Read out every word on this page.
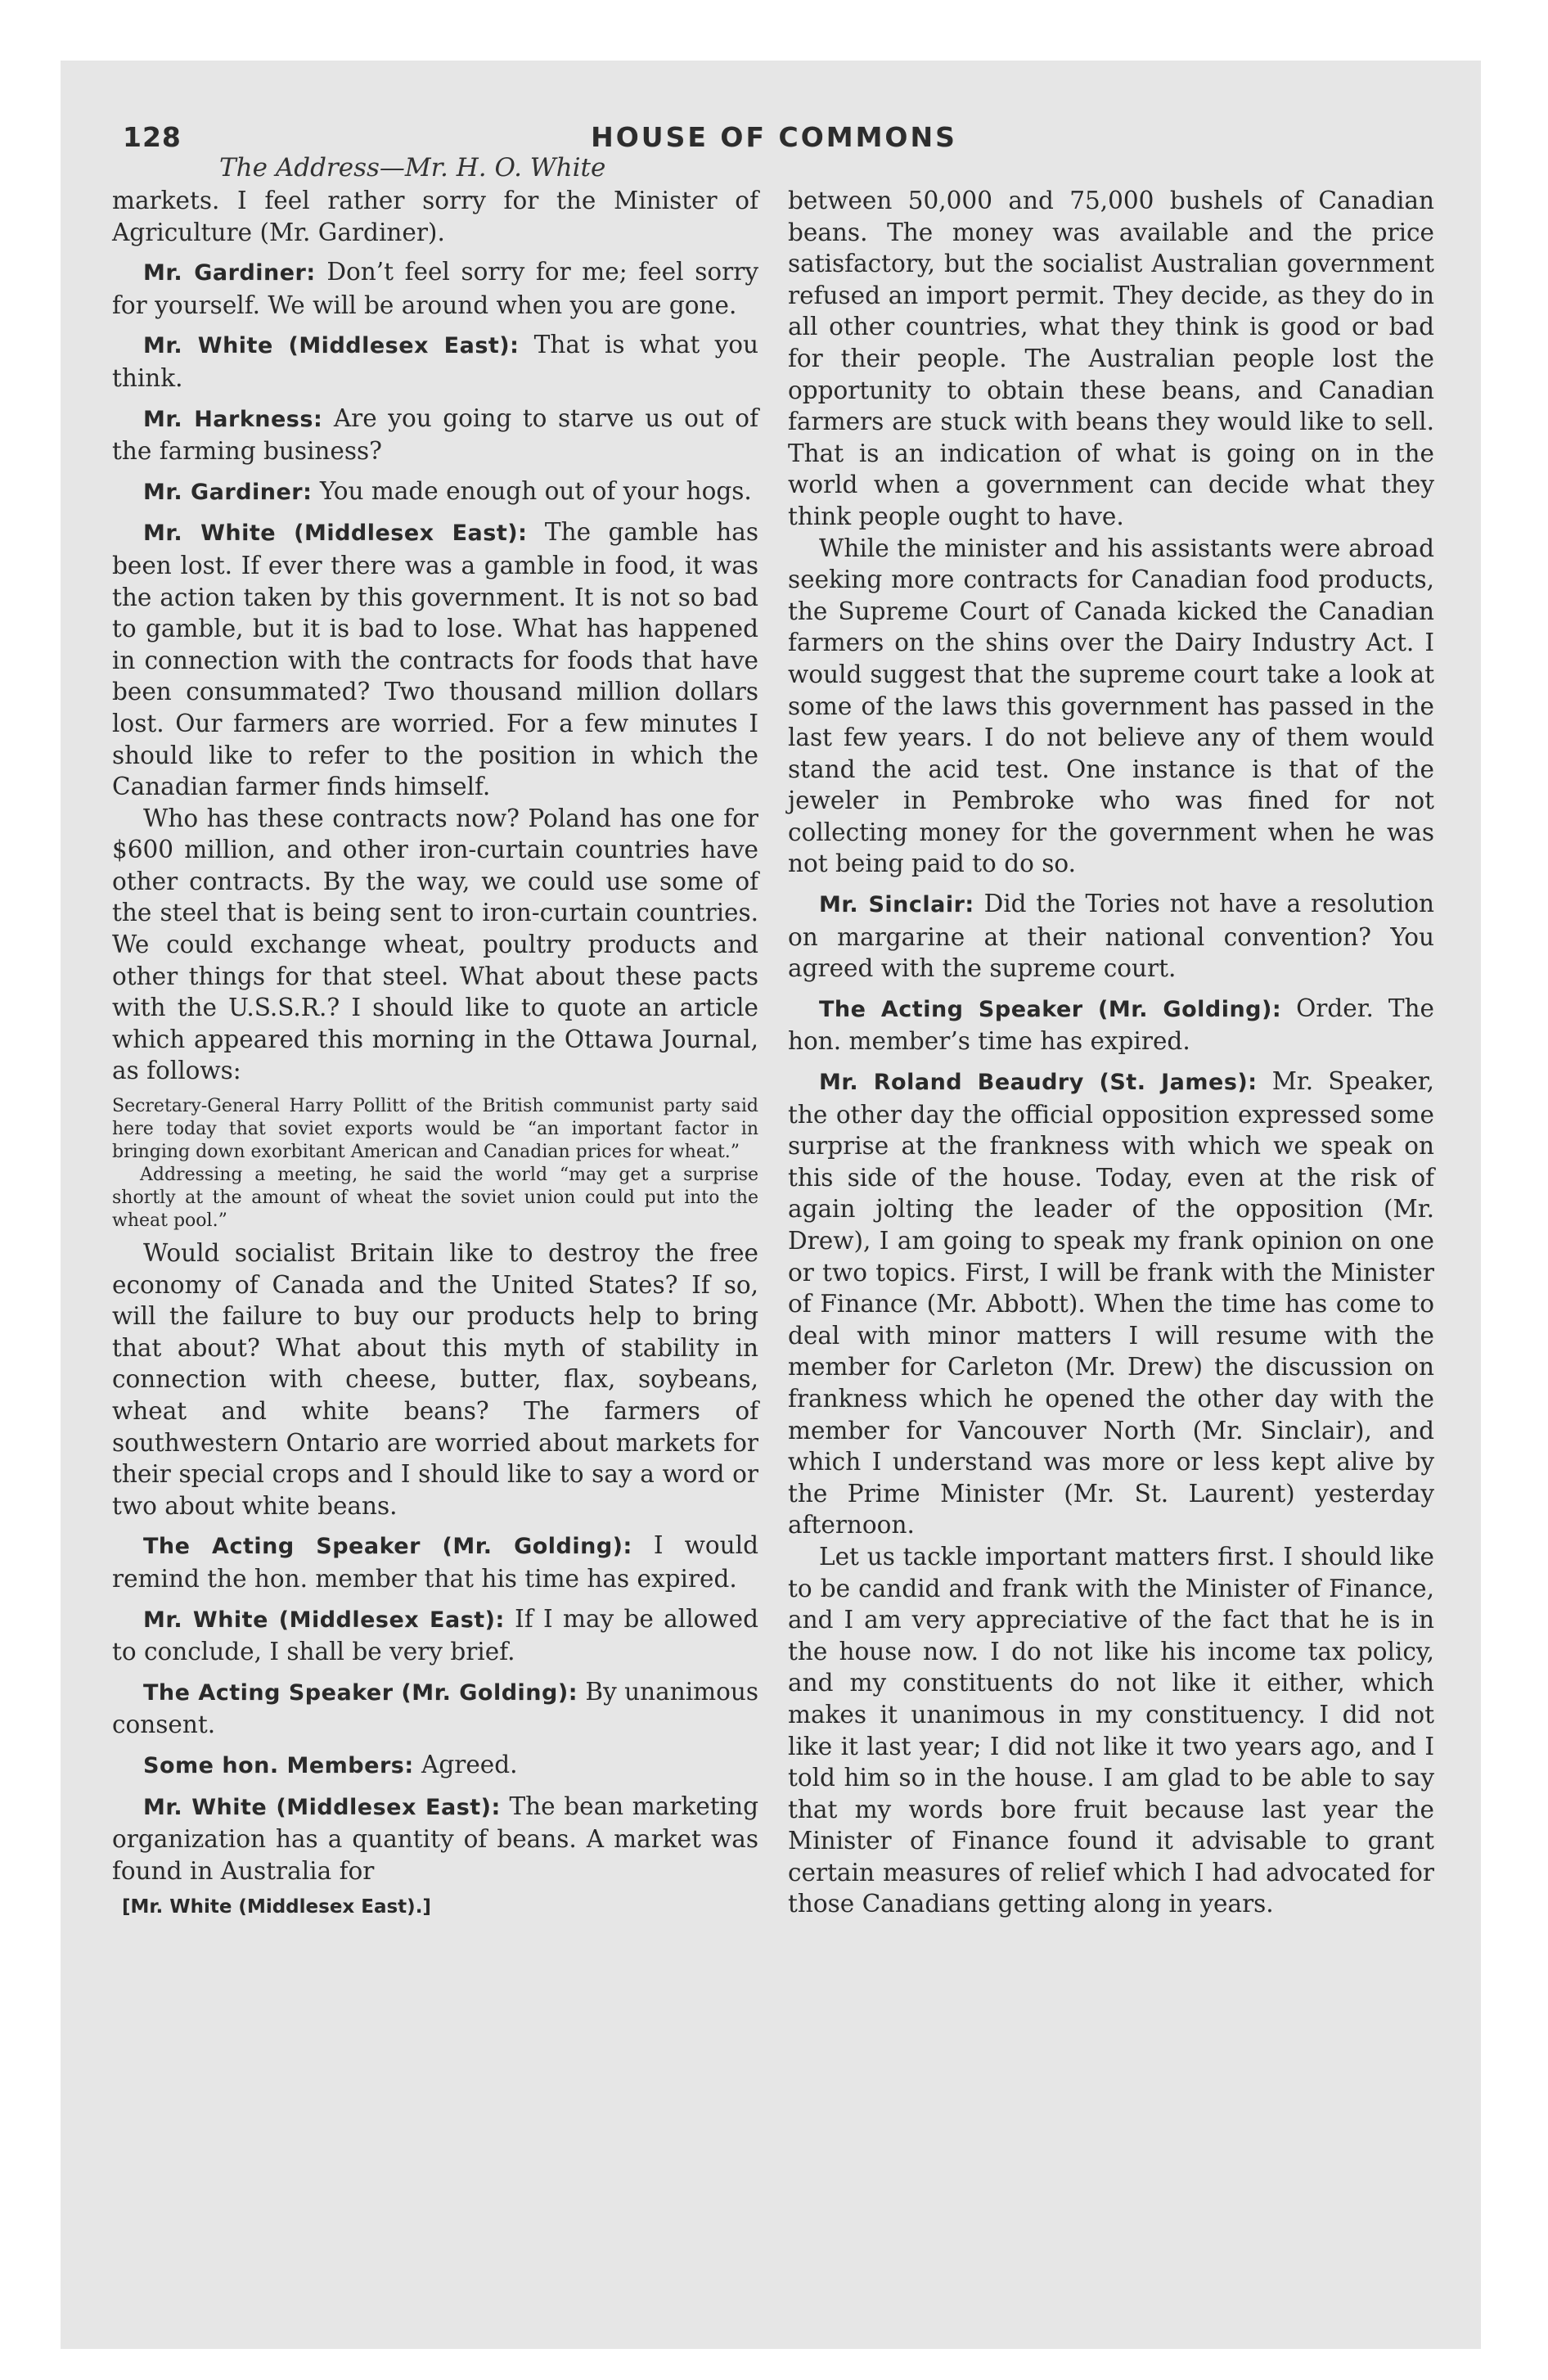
128	HOUSE OF COMMONS
The Address—Mr. H. O. White

markets. I feel rather sorry for the Minister of Agriculture (Mr. Gardiner).

Mr. Gardiner: Don’t feel sorry for me; feel sorry for yourself. We will be around when you are gone.

Mr. White (Middlesex East): That is what you think.

Mr. Harkness: Are you going to starve us out of the farming business?

Mr. Gardiner: You made enough out of your hogs.

Mr. White (Middlesex East): The gamble has been lost. If ever there was a gamble in food, it was the action taken by this government. It is not so bad to gamble, but it is bad to lose. What has happened in connection with the contracts for foods that have been consummated? Two thousand million dollars lost. Our farmers are worried. For a few minutes I should like to refer to the position in which the Canadian farmer finds himself.

Who has these contracts now? Poland has one for $600 million, and other iron-curtain countries have other contracts. By the way, we could use some of the steel that is being sent to iron-curtain countries. We could exchange wheat, poultry products and other things for that steel. What about these pacts with the U.S.S.R.? I should like to quote an article which appeared this morning in the Ottawa Journal, as follows:

Secretary-General Harry Pollitt of the British communist party said here today that soviet exports would be “an important factor in bringing down exorbitant American and Canadian prices for wheat.”

Addressing a meeting, he said the world “may get a surprise shortly at the amount of wheat the soviet union could put into the wheat pool.”

Would socialist Britain like to destroy the free economy of Canada and the United States? If so, will the failure to buy our products help to bring that about? What about this myth of stability in connection with cheese, butter, flax, soybeans, wheat and white beans? The farmers of southwestern Ontario are worried about markets for their special crops and I should like to say a word or two about white beans.

The Acting Speaker (Mr. Golding): I would remind the hon. member that his time has expired.

Mr. White (Middlesex East): If I may be allowed to conclude, I shall be very brief.

The Acting Speaker (Mr. Golding): By unanimous consent.

Some hon. Members: Agreed.

Mr. White (Middlesex East): The bean marketing organization has a quantity of beans. A market was found in Australia for

[Mr. White (Middlesex East).]

between 50,000 and 75,000 bushels of Canadian beans. The money was available and the price satisfactory, but the socialist Australian government refused an import permit. They decide, as they do in all other countries, what they think is good or bad for their people. The Australian people lost the opportunity to obtain these beans, and Canadian farmers are stuck with beans they would like to sell. That is an indication of what is going on in the world when a government can decide what they think people ought to have.

While the minister and his assistants were abroad seeking more contracts for Canadian food products, the Supreme Court of Canada kicked the Canadian farmers on the shins over the Dairy Industry Act. I would suggest that the supreme court take a look at some of the laws this government has passed in the last few years. I do not believe any of them would stand the acid test. One instance is that of the jeweler in Pembroke who was fined for not collecting money for the government when he was not being paid to do so.

Mr. Sinclair: Did the Tories not have a resolution on margarine at their national convention? You agreed with the supreme court.

The Acting Speaker (Mr. Golding): Order. The hon. member’s time has expired.

Mr. Roland Beaudry (St. James): Mr. Speaker, the other day the official opposition expressed some surprise at the frankness with which we speak on this side of the house. Today, even at the risk of again jolting the leader of the opposition (Mr. Drew), I am going to speak my frank opinion on one or two topics. First, I will be frank with the Minister of Finance (Mr. Abbott). When the time has come to deal with minor matters I will resume with the member for Carleton (Mr. Drew) the discussion on frankness which he opened the other day with the member for Vancouver North (Mr. Sinclair), and which I understand was more or less kept alive by the Prime Minister (Mr. St. Laurent) yesterday afternoon.

Let us tackle important matters first. I should like to be candid and frank with the Minister of Finance, and I am very appreciative of the fact that he is in the house now. I do not like his income tax policy, and my constituents do not like it either, which makes it unanimous in my constituency. I did not like it last year; I did not like it two years ago, and I told him so in the house. I am glad to be able to say that my words bore fruit because last year the Minister of Finance found it advisable to grant certain measures of relief which I had advocated for those Canadians getting along in years.
